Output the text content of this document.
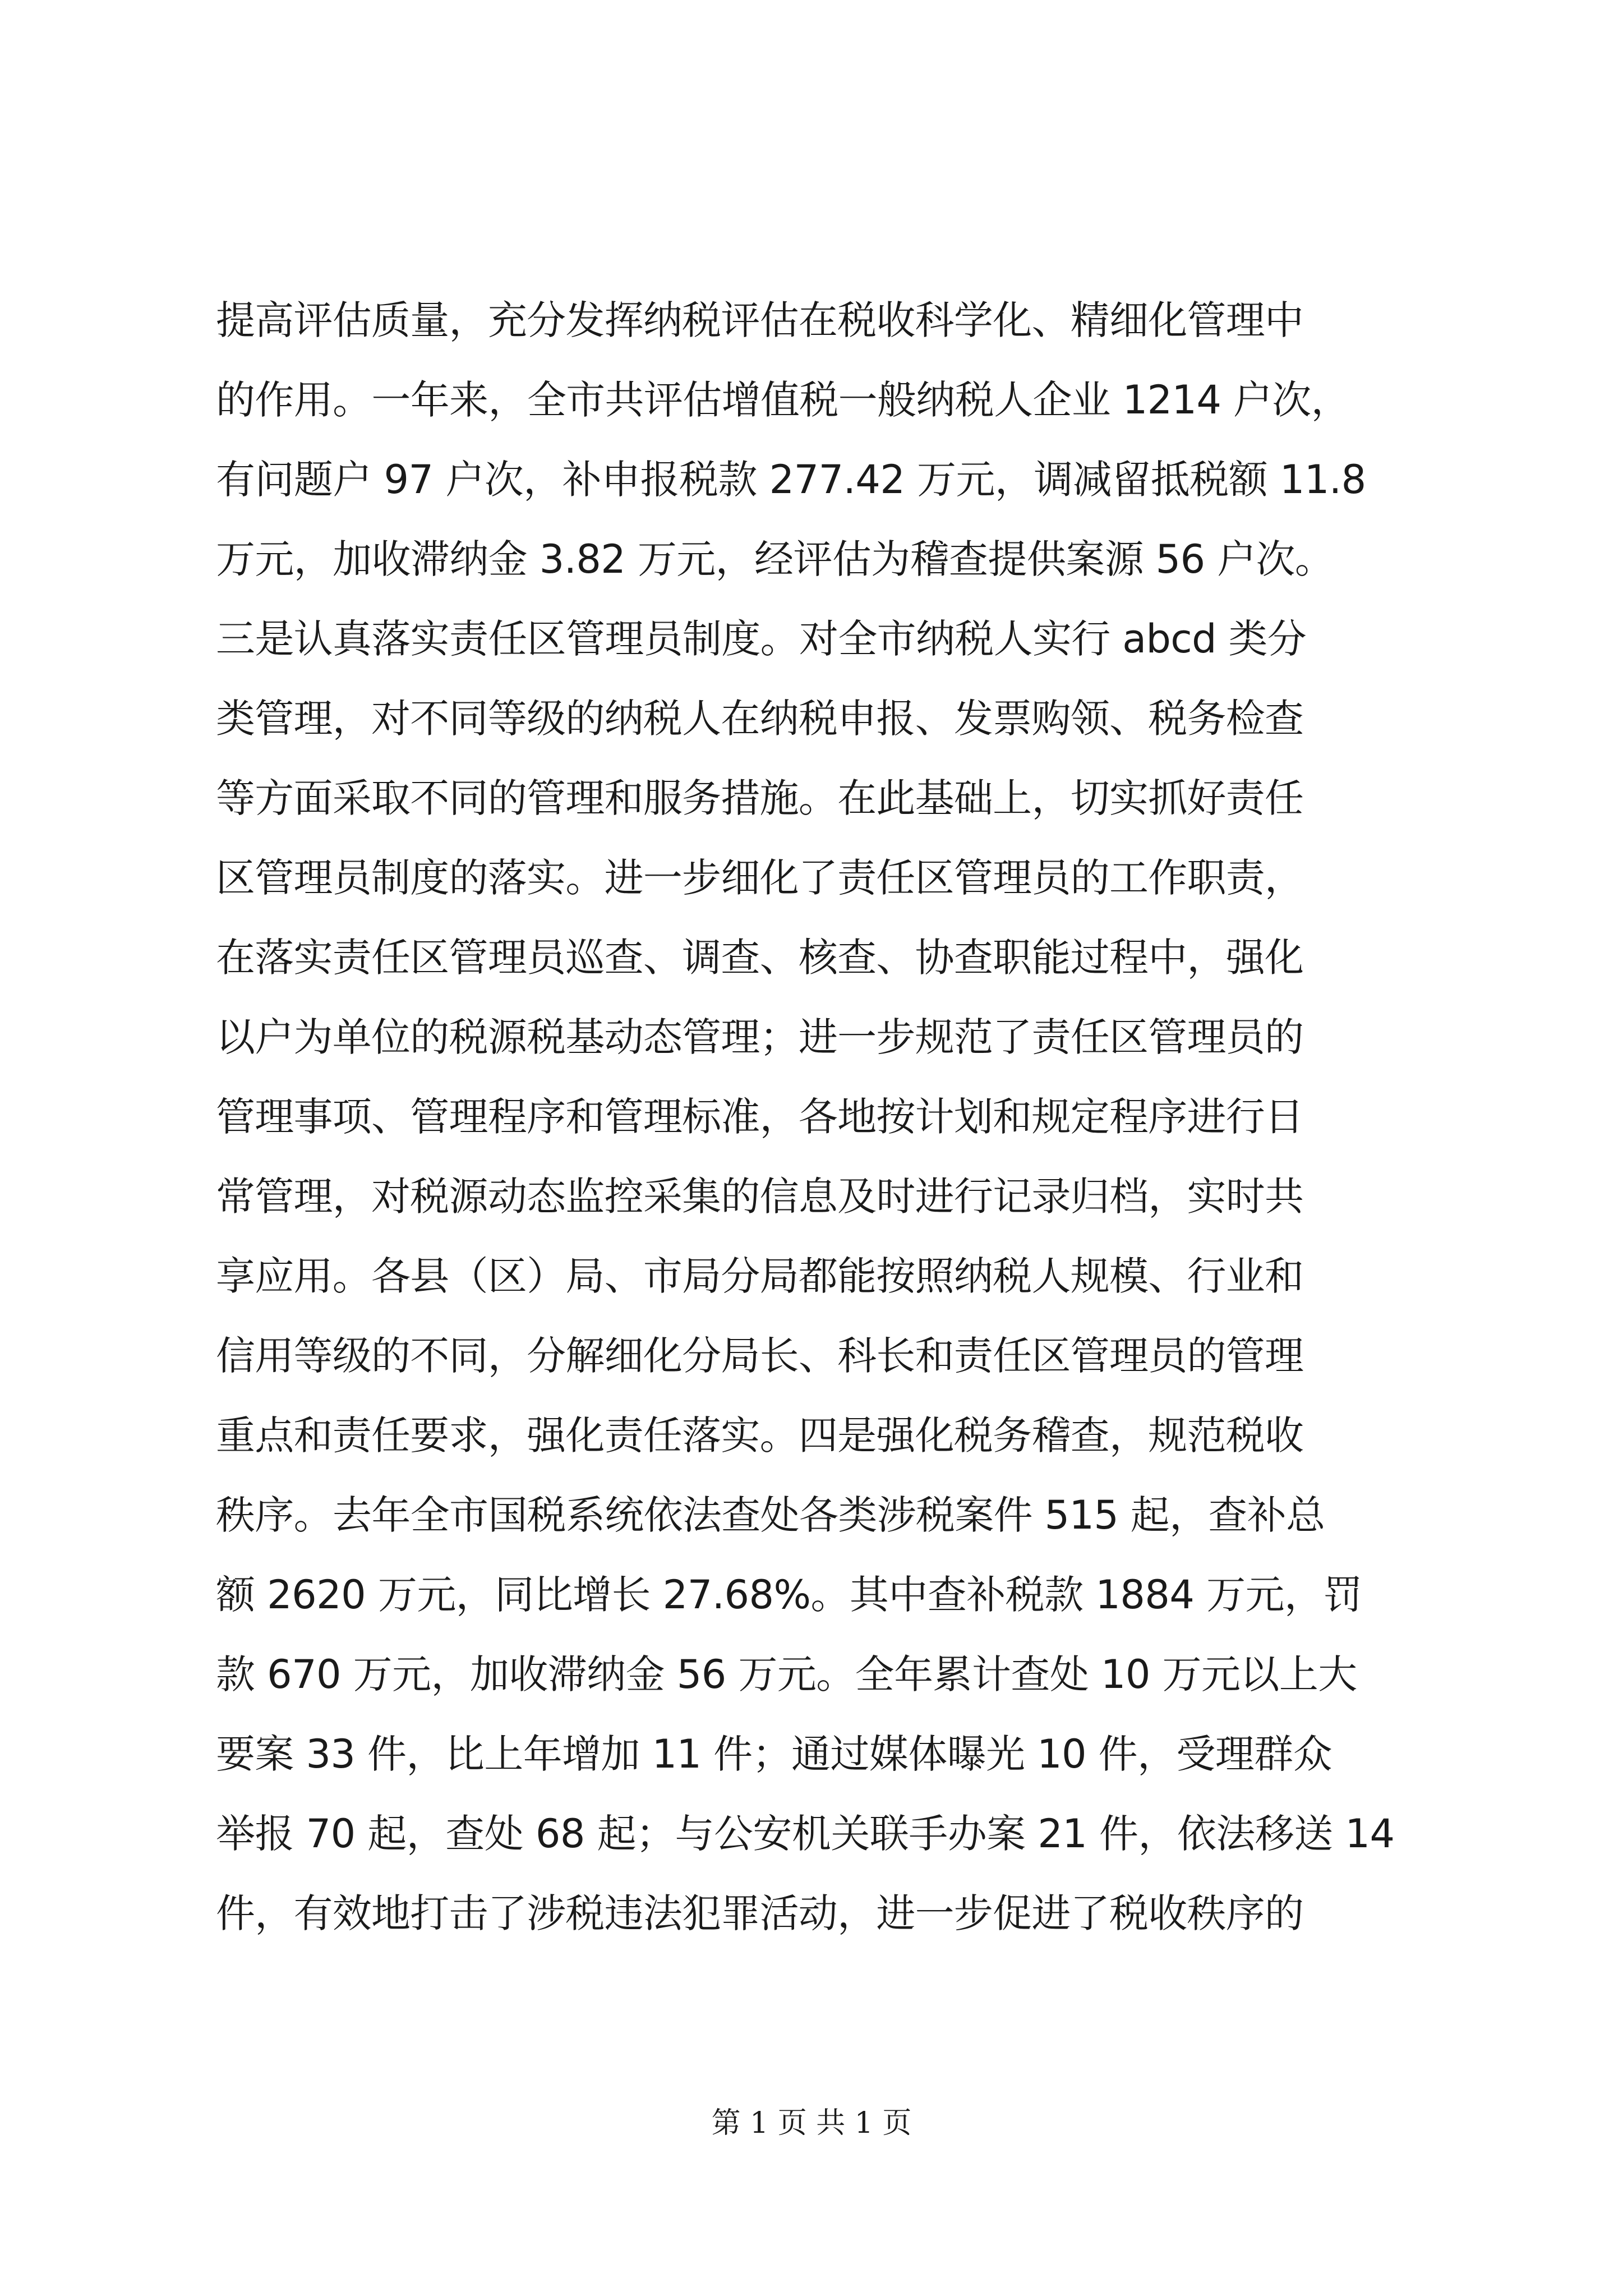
提高评估质量，充分发挥纳税评估在税收科学化、精细化管理中
的作用。一年来，全市共评估增值税一般纳税人企业 1214 户次，
有问题户 97 户次，补申报税款 277.42 万元，调减留抵税额 11.8
万元，加收滞纳金 3.82 万元，经评估为稽查提供案源 56 户次。
三是认真落实责任区管理员制度。对全市纳税人实行 abcd 类分
类管理，对不同等级的纳税人在纳税申报、发票购领、税务检查
等方面采取不同的管理和服务措施。在此基础上，切实抓好责任
区管理员制度的落实。进一步细化了责任区管理员的工作职责，
在落实责任区管理员巡查、调查、核查、协查职能过程中，强化
以户为单位的税源税基动态管理；进一步规范了责任区管理员的
管理事项、管理程序和管理标准，各地按计划和规定程序进行日
常管理，对税源动态监控采集的信息及时进行记录归档，实时共
享应用。各县（区）局、市局分局都能按照纳税人规模、行业和
信用等级的不同，分解细化分局长、科长和责任区管理员的管理
重点和责任要求，强化责任落实。四是强化税务稽查，规范税收
秩序。去年全市国税系统依法查处各类涉税案件 515 起，查补总
额 2620 万元，同比增长 27.68%。其中查补税款 1884 万元，罚
款 670 万元，加收滞纳金 56 万元。全年累计查处 10 万元以上大
要案 33 件，比上年增加 11 件；通过媒体曝光 10 件，受理群众
举报 70 起，查处 68 起；与公安机关联手办案 21 件，依法移送 14
件，有效地打击了涉税违法犯罪活动，进一步促进了税收秩序的
第 1 页 共 1 页
